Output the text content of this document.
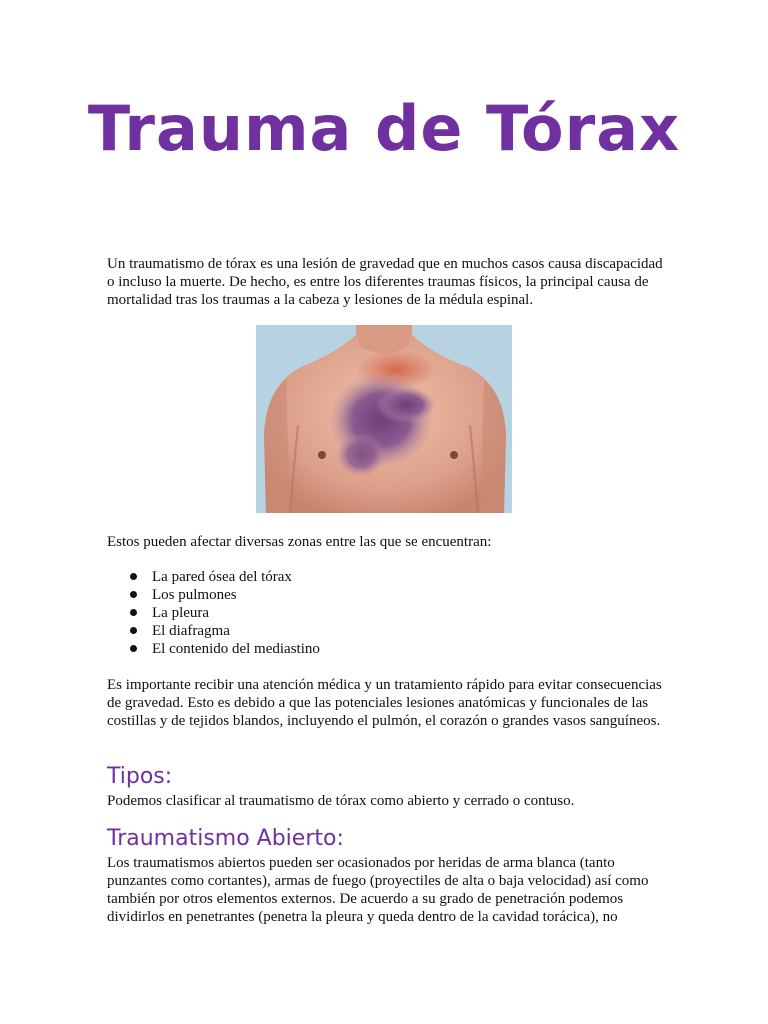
Trauma de Tórax

Un traumatismo de tórax es una lesión de gravedad que en muchos casos causa discapacidad o incluso la muerte. De hecho, es entre los diferentes traumas físicos, la principal causa de mortalidad tras los traumas a la cabeza y lesiones de la médula espinal.

Estos pueden afectar diversas zonas entre las que se encuentran:

La pared ósea del tórax
Los pulmones
La pleura
El diafragma
El contenido del mediastino

Es importante recibir una atención médica y un tratamiento rápido para evitar consecuencias de gravedad. Esto es debido a que las potenciales lesiones anatómicas y funcionales de las costillas y de tejidos blandos, incluyendo el pulmón, el corazón o grandes vasos sanguíneos.

Tipos:

Podemos clasificar al traumatismo de tórax como abierto y cerrado o contuso.

Traumatismo Abierto:

Los traumatismos abiertos pueden ser ocasionados por heridas de arma blanca (tanto punzantes como cortantes), armas de fuego (proyectiles de alta o baja velocidad) así como también por otros elementos externos. De acuerdo a su grado de penetración podemos dividirlos en penetrantes (penetra la pleura y queda dentro de la cavidad torácica), no
